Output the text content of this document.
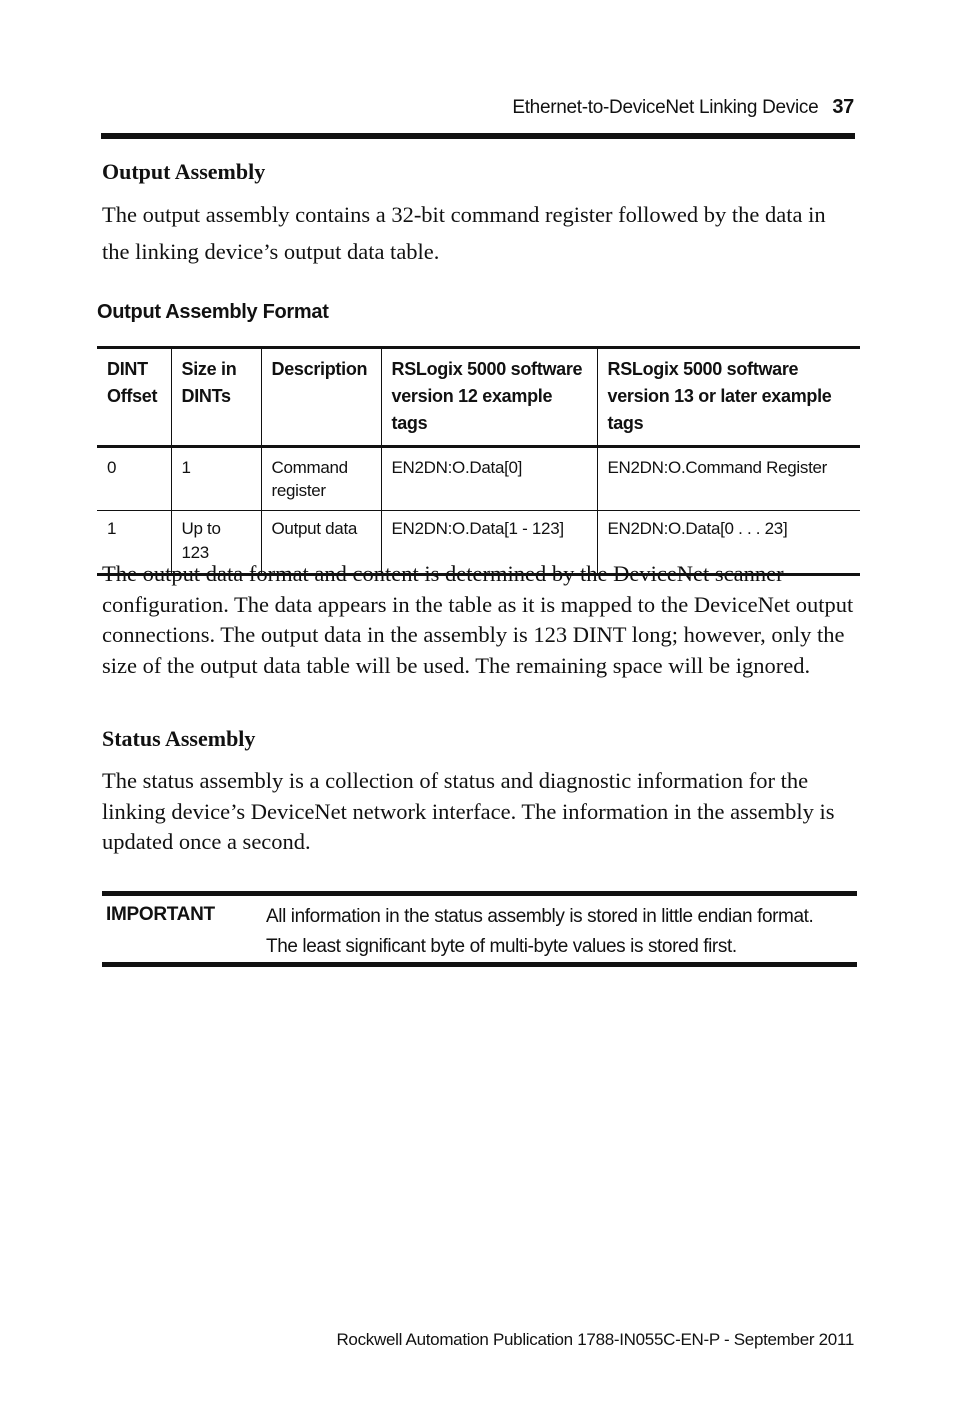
Ethernet-to-DeviceNet Linking Device 37
Output Assembly
The output assembly contains a 32-bit command register followed by the data in the linking device’s output data table.
Output Assembly Format
DINT Offset	Size in DINTs	Description	RSLogix 5000 software version 12 example tags	RSLogix 5000 software version 13 or later example tags
0	1	Command register	EN2DN:O.Data[0]	EN2DN:O.Command Register
1	Up to 123	Output data	EN2DN:O.Data[1 - 123]	EN2DN:O.Data[0 . . . 23]
The output data format and content is determined by the DeviceNet scanner configuration. The data appears in the table as it is mapped to the DeviceNet output connections. The output data in the assembly is 123 DINT long; however, only the size of the output data table will be used. The remaining space will be ignored.
Status Assembly
The status assembly is a collection of status and diagnostic information for the linking device’s DeviceNet network interface. The information in the assembly is updated once a second.
IMPORTANT	All information in the status assembly is stored in little endian format. The least significant byte of multi-byte values is stored first.
Rockwell Automation Publication 1788-IN055C-EN-P - September 2011
